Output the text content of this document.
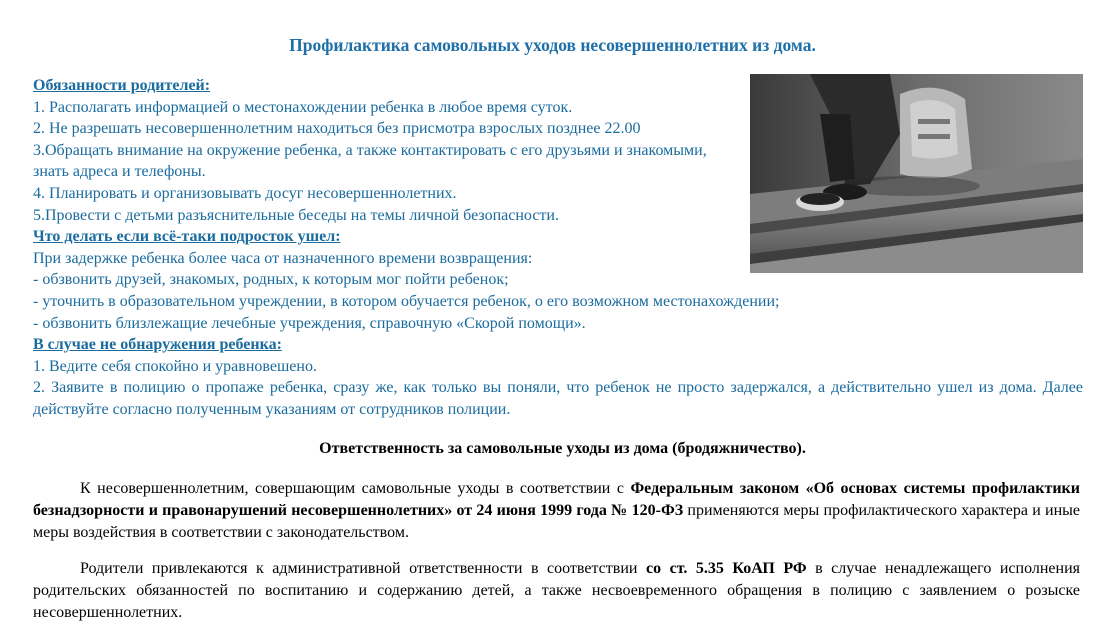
Профилактика самовольных уходов несовершеннолетних из дома.
Обязанности родителей:
1. Располагать информацией о местонахождении ребенка в любое время суток.
2. Не разрешать несовершеннолетним находиться без присмотра взрослых позднее 22.00
3.Обращать внимание на окружение ребенка, а также контактировать с его друзьями и знакомыми, знать адреса и телефоны.
4. Планировать и организовывать досуг несовершеннолетних.
5.Провести с детьми разъяснительные беседы на темы личной безопасности.
Что делать если всё-таки подросток ушел:
При задержке ребенка более часа от назначенного времени возвращения:
- обзвонить друзей, знакомых, родных, к которым мог пойти ребенок;
- уточнить в образовательном учреждении, в котором обучается ребенок, о его возможном местонахождении;
- обзвонить близлежащие лечебные учреждения, справочную «Скорой помощи».
В случае не обнаружения ребенка:
1. Ведите себя спокойно и уравновешено.
2. Заявите в полицию о пропаже ребенка, сразу же, как только вы поняли, что ребенок не просто задержался, а действительно ушел из дома. Далее действуйте согласно полученным указаниям от сотрудников полиции.
Ответственность за самовольные уходы из дома (бродяжничество).
К несовершеннолетним, совершающим самовольные уходы в соответствии с Федеральным законом «Об основах системы профилактики безнадзорности и правонарушений несовершеннолетних» от 24 июня 1999 года № 120-ФЗ применяются меры профилактического характера и иные меры воздействия в соответствии с законодательством.
Родители привлекаются к административной ответственности в соответствии со ст. 5.35 КоАП РФ в случае ненадлежащего исполнения родительских обязанностей по воспитанию и содержанию детей, а также несвоевременного обращения в полицию с заявлением о розыске несовершеннолетних.
